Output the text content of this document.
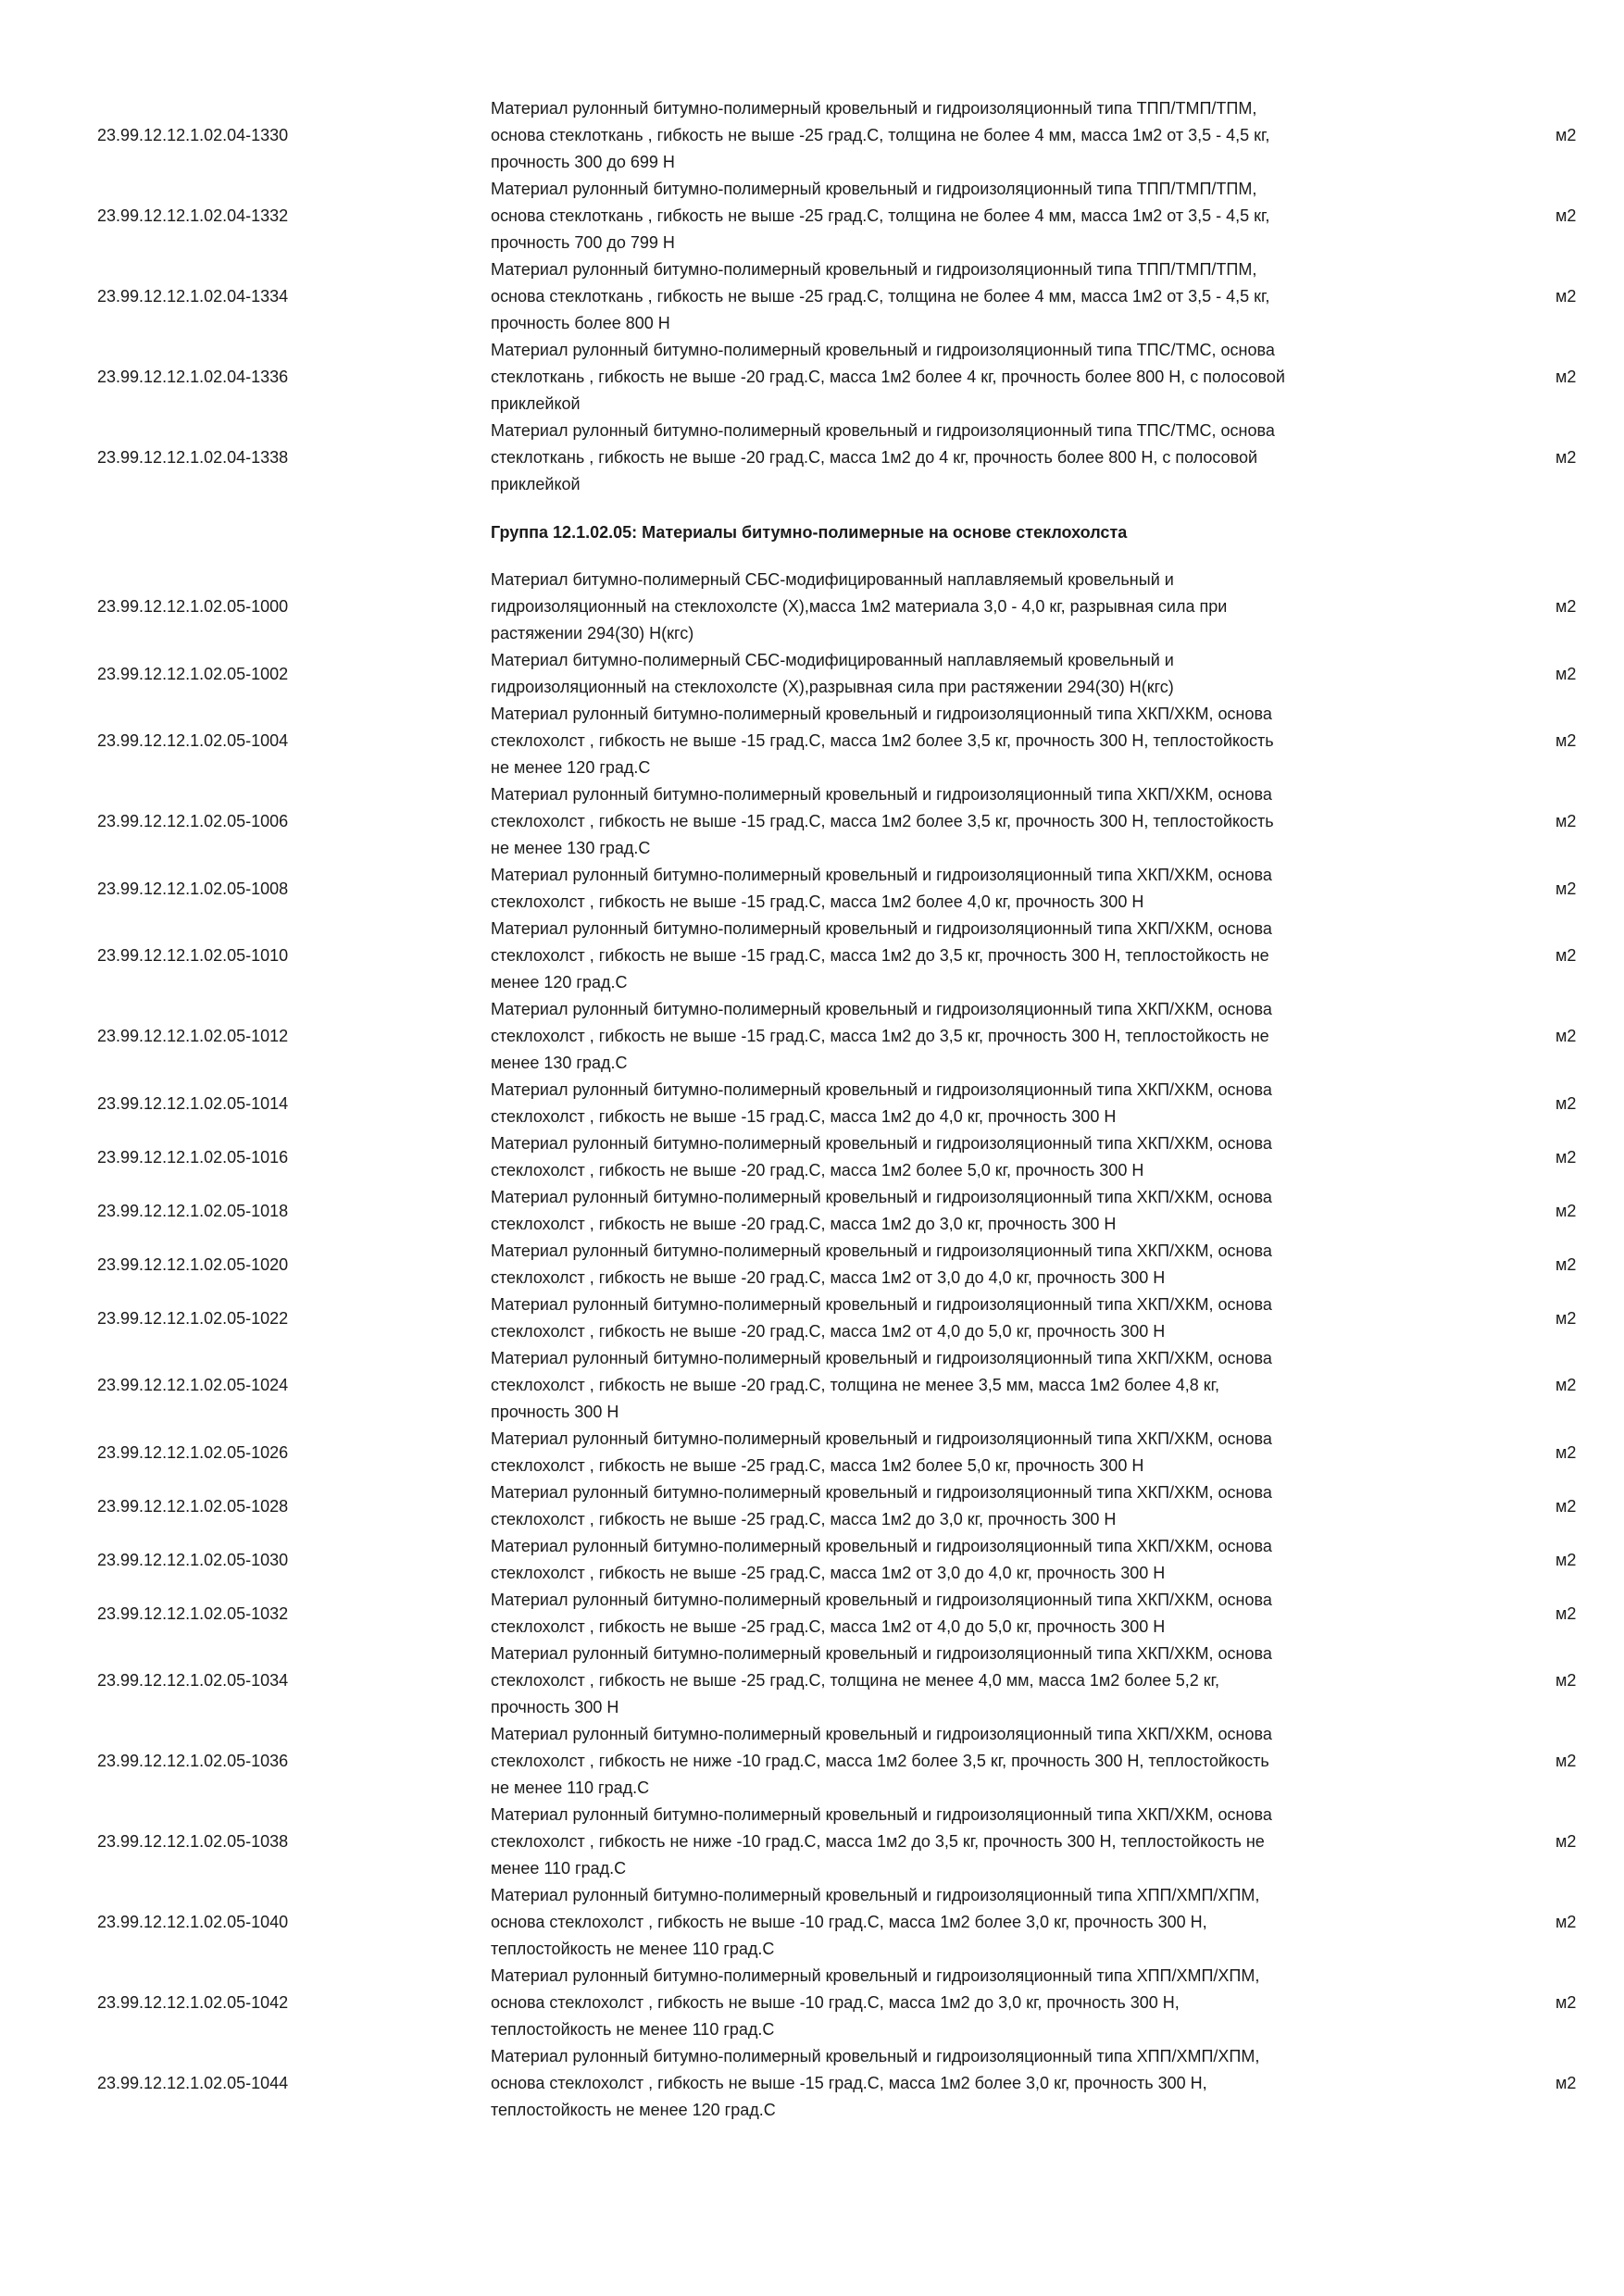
23.99.12.12.1.02.04-1330
Материал рулонный битумно-полимерный кровельный и гидроизоляционный типа ТПП/ТМП/ТПМ,
основа стеклоткань , гибкость не выше -25 град.С, толщина не более 4 мм, масса 1м2 от 3,5 - 4,5 кг,
прочность 300 до 699 Н
м2
23.99.12.12.1.02.04-1332
Материал рулонный битумно-полимерный кровельный и гидроизоляционный типа ТПП/ТМП/ТПМ,
основа стеклоткань , гибкость не выше -25 град.С, толщина не более 4 мм, масса 1м2 от 3,5 - 4,5 кг,
прочность 700 до 799 Н
м2
23.99.12.12.1.02.04-1334
Материал рулонный битумно-полимерный кровельный и гидроизоляционный типа ТПП/ТМП/ТПМ,
основа стеклоткань , гибкость не выше -25 град.С, толщина не более 4 мм, масса 1м2 от 3,5 - 4,5 кг,
прочность более 800 Н
м2
23.99.12.12.1.02.04-1336
Материал рулонный битумно-полимерный кровельный и гидроизоляционный типа ТПС/ТМС, основа
стеклоткань , гибкость не выше -20 град.С, масса 1м2 более 4 кг, прочность более 800 Н, с полосовой
приклейкой
м2
23.99.12.12.1.02.04-1338
Материал рулонный битумно-полимерный кровельный и гидроизоляционный типа ТПС/ТМС, основа
стеклоткань , гибкость не выше -20 град.С, масса 1м2 до 4 кг, прочность более 800 Н, с полосовой
приклейкой
м2
Группа 12.1.02.05: Материалы битумно-полимерные на основе стеклохолста
23.99.12.12.1.02.05-1000
Материал битумно-полимерный СБС-модифицированный наплавляемый кровельный и
гидроизоляционный на стеклохолсте (Х),масса 1м2 материала 3,0 - 4,0 кг, разрывная сила при
растяжении 294(30) Н(кгс)
м2
23.99.12.12.1.02.05-1002
Материал битумно-полимерный СБС-модифицированный наплавляемый кровельный и
гидроизоляционный на стеклохолсте (Х),разрывная сила при растяжении 294(30) Н(кгс)
м2
23.99.12.12.1.02.05-1004
Материал рулонный битумно-полимерный кровельный и гидроизоляционный типа ХКП/ХКМ, основа
стеклохолст , гибкость не выше -15 град.С, масса 1м2 более 3,5 кг, прочность 300 Н, теплостойкость
не менее 120 град.С
м2
23.99.12.12.1.02.05-1006
Материал рулонный битумно-полимерный кровельный и гидроизоляционный типа ХКП/ХКМ, основа
стеклохолст , гибкость не выше -15 град.С, масса 1м2 более 3,5 кг, прочность 300 Н, теплостойкость
не менее 130 град.С
м2
23.99.12.12.1.02.05-1008
Материал рулонный битумно-полимерный кровельный и гидроизоляционный типа ХКП/ХКМ, основа
стеклохолст , гибкость не выше -15 град.С, масса 1м2 более 4,0 кг, прочность 300 Н
м2
23.99.12.12.1.02.05-1010
Материал рулонный битумно-полимерный кровельный и гидроизоляционный типа ХКП/ХКМ, основа
стеклохолст , гибкость не выше -15 град.С, масса 1м2 до 3,5 кг, прочность 300 Н, теплостойкость не
менее 120 град.С
м2
23.99.12.12.1.02.05-1012
Материал рулонный битумно-полимерный кровельный и гидроизоляционный типа ХКП/ХКМ, основа
стеклохолст , гибкость не выше -15 град.С, масса 1м2 до 3,5 кг, прочность 300 Н, теплостойкость не
менее 130 град.С
м2
23.99.12.12.1.02.05-1014
Материал рулонный битумно-полимерный кровельный и гидроизоляционный типа ХКП/ХКМ, основа
стеклохолст , гибкость не выше -15 град.С, масса 1м2 до 4,0 кг, прочность 300 Н
м2
23.99.12.12.1.02.05-1016
Материал рулонный битумно-полимерный кровельный и гидроизоляционный типа ХКП/ХКМ, основа
стеклохолст , гибкость не выше -20 град.С, масса 1м2 более 5,0 кг, прочность 300 Н
м2
23.99.12.12.1.02.05-1018
Материал рулонный битумно-полимерный кровельный и гидроизоляционный типа ХКП/ХКМ, основа
стеклохолст , гибкость не выше -20 град.С, масса 1м2 до 3,0 кг, прочность 300 Н
м2
23.99.12.12.1.02.05-1020
Материал рулонный битумно-полимерный кровельный и гидроизоляционный типа ХКП/ХКМ, основа
стеклохолст , гибкость не выше -20 град.С, масса 1м2 от 3,0 до 4,0 кг, прочность 300 Н
м2
23.99.12.12.1.02.05-1022
Материал рулонный битумно-полимерный кровельный и гидроизоляционный типа ХКП/ХКМ, основа
стеклохолст , гибкость не выше -20 град.С, масса 1м2 от 4,0 до 5,0 кг, прочность 300 Н
м2
23.99.12.12.1.02.05-1024
Материал рулонный битумно-полимерный кровельный и гидроизоляционный типа ХКП/ХКМ, основа
стеклохолст , гибкость не выше -20 град.С, толщина не менее 3,5 мм, масса 1м2 более 4,8 кг,
прочность 300 Н
м2
23.99.12.12.1.02.05-1026
Материал рулонный битумно-полимерный кровельный и гидроизоляционный типа ХКП/ХКМ, основа
стеклохолст , гибкость не выше -25 град.С, масса 1м2 более 5,0 кг, прочность 300 Н
м2
23.99.12.12.1.02.05-1028
Материал рулонный битумно-полимерный кровельный и гидроизоляционный типа ХКП/ХКМ, основа
стеклохолст , гибкость не выше -25 град.С, масса 1м2 до 3,0 кг, прочность 300 Н
м2
23.99.12.12.1.02.05-1030
Материал рулонный битумно-полимерный кровельный и гидроизоляционный типа ХКП/ХКМ, основа
стеклохолст , гибкость не выше -25 град.С, масса 1м2 от 3,0 до 4,0 кг, прочность 300 Н
м2
23.99.12.12.1.02.05-1032
Материал рулонный битумно-полимерный кровельный и гидроизоляционный типа ХКП/ХКМ, основа
стеклохолст , гибкость не выше -25 град.С, масса 1м2 от 4,0 до 5,0 кг, прочность 300 Н
м2
23.99.12.12.1.02.05-1034
Материал рулонный битумно-полимерный кровельный и гидроизоляционный типа ХКП/ХКМ, основа
стеклохолст , гибкость не выше -25 град.С, толщина не менее 4,0 мм, масса 1м2 более 5,2 кг,
прочность 300 Н
м2
23.99.12.12.1.02.05-1036
Материал рулонный битумно-полимерный кровельный и гидроизоляционный типа ХКП/ХКМ, основа
стеклохолст , гибкость не ниже -10 град.С, масса 1м2 более 3,5 кг, прочность 300 Н, теплостойкость
не менее 110 град.С
м2
23.99.12.12.1.02.05-1038
Материал рулонный битумно-полимерный кровельный и гидроизоляционный типа ХКП/ХКМ, основа
стеклохолст , гибкость не ниже -10 град.С, масса 1м2 до 3,5 кг, прочность 300 Н, теплостойкость не
менее 110 град.С
м2
23.99.12.12.1.02.05-1040
Материал рулонный битумно-полимерный кровельный и гидроизоляционный типа ХПП/ХМП/ХПМ,
основа стеклохолст , гибкость не выше -10 град.С, масса 1м2 более 3,0 кг, прочность 300 Н,
теплостойкость не менее 110 град.С
м2
23.99.12.12.1.02.05-1042
Материал рулонный битумно-полимерный кровельный и гидроизоляционный типа ХПП/ХМП/ХПМ,
основа стеклохолст , гибкость не выше -10 град.С, масса 1м2 до 3,0 кг, прочность 300 Н,
теплостойкость не менее 110 град.С
м2
23.99.12.12.1.02.05-1044
Материал рулонный битумно-полимерный кровельный и гидроизоляционный типа ХПП/ХМП/ХПМ,
основа стеклохолст , гибкость не выше -15 град.С, масса 1м2 более 3,0 кг, прочность 300 Н,
теплостойкость не менее 120 град.С
м2
